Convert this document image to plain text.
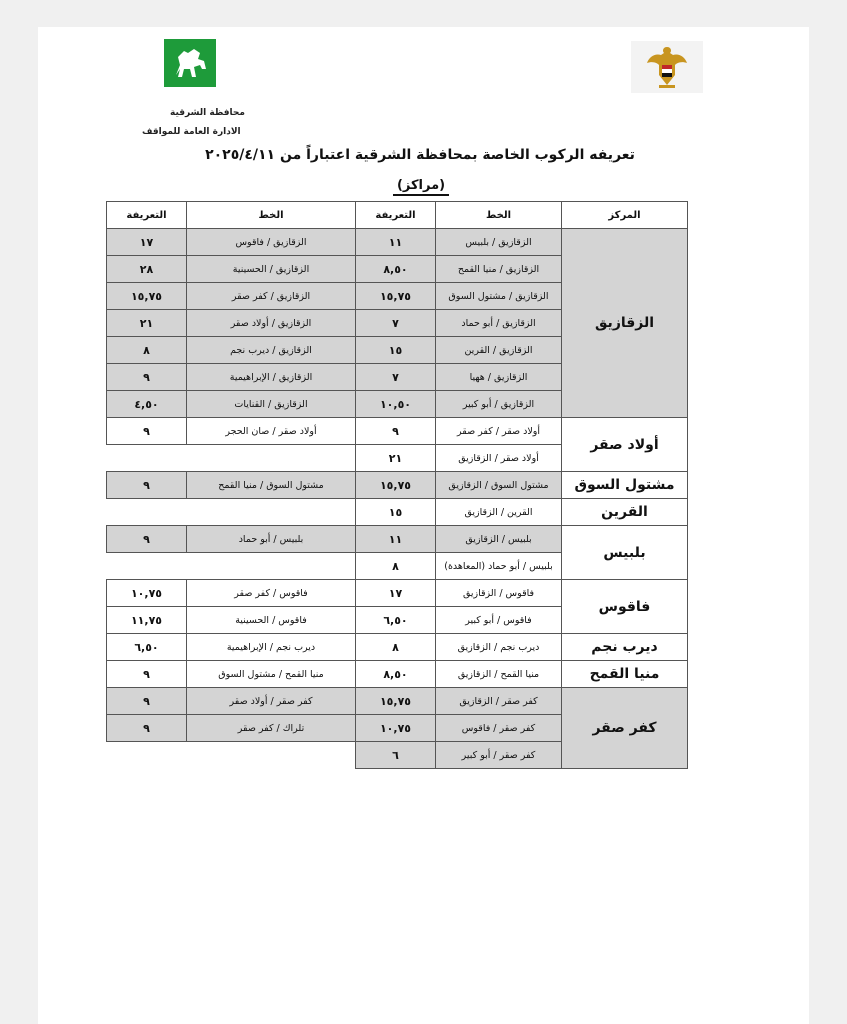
محافظة الشرقية
الادارة العامة للمواقف
تعريفه الركوب الخاصة بمحافظة الشرقية اعتباراً من ٢٠٢٥/٤/١١
(مراكز)
المركز	الخط	التعريفة	الخط	التعريفة
الزقازيق	الزقازيق / بلبيس	١١	الزقازيق / فاقوس	١٧
	الزقازيق / منيا القمح	٨,٥٠	الزقازيق / الحسينية	٢٨
	الزقازيق / مشتول السوق	١٥,٧٥	الزقازيق / كفر صقر	١٥,٧٥
	الزقازيق / أبو حماد	٧	الزقازيق / أولاد صقر	٢١
	الزقازيق / القرين	١٥	الزقازيق / ديرب نجم	٨
	الزقازيق / ههيا	٧	الزقازيق / الإبراهيمية	٩
	الزقازيق / أبو كبير	١٠,٥٠	الزقازيق / القنايات	٤,٥٠
أولاد صقر	أولاد صقر / كفر صقر	٩	أولاد صقر / صان الحجر	٩
	أولاد صقر / الزقازيق	٢١		
مشتول السوق	مشتول السوق / الزقازيق	١٥,٧٥	مشتول السوق / منيا القمح	٩
القرين	القرين / الزقازيق	١٥		
بلبيس	بلبيس / الزقازيق	١١	بلبيس / أبو حماد	٩
	بلبيس / أبو حماد (المعاهدة)	٨		
فاقوس	فاقوس / الزقازيق	١٧	فاقوس / كفر صقر	١٠,٧٥
	فاقوس / أبو كبير	٦,٥٠	فاقوس / الحسينية	١١,٧٥
ديرب نجم	ديرب نجم / الزقازيق	٨	ديرب نجم / الإبراهيمية	٦,٥٠
منيا القمح	منيا القمح / الزقازيق	٨,٥٠	منيا القمح / مشتول السوق	٩
كفر صقر	كفر صقر / الزقازيق	١٥,٧٥	كفر صقر / أولاد صقر	٩
	كفر صقر / فاقوس	١٠,٧٥	تلراك / كفر صقر	٩
	كفر صقر / أبو كبير	٦		
